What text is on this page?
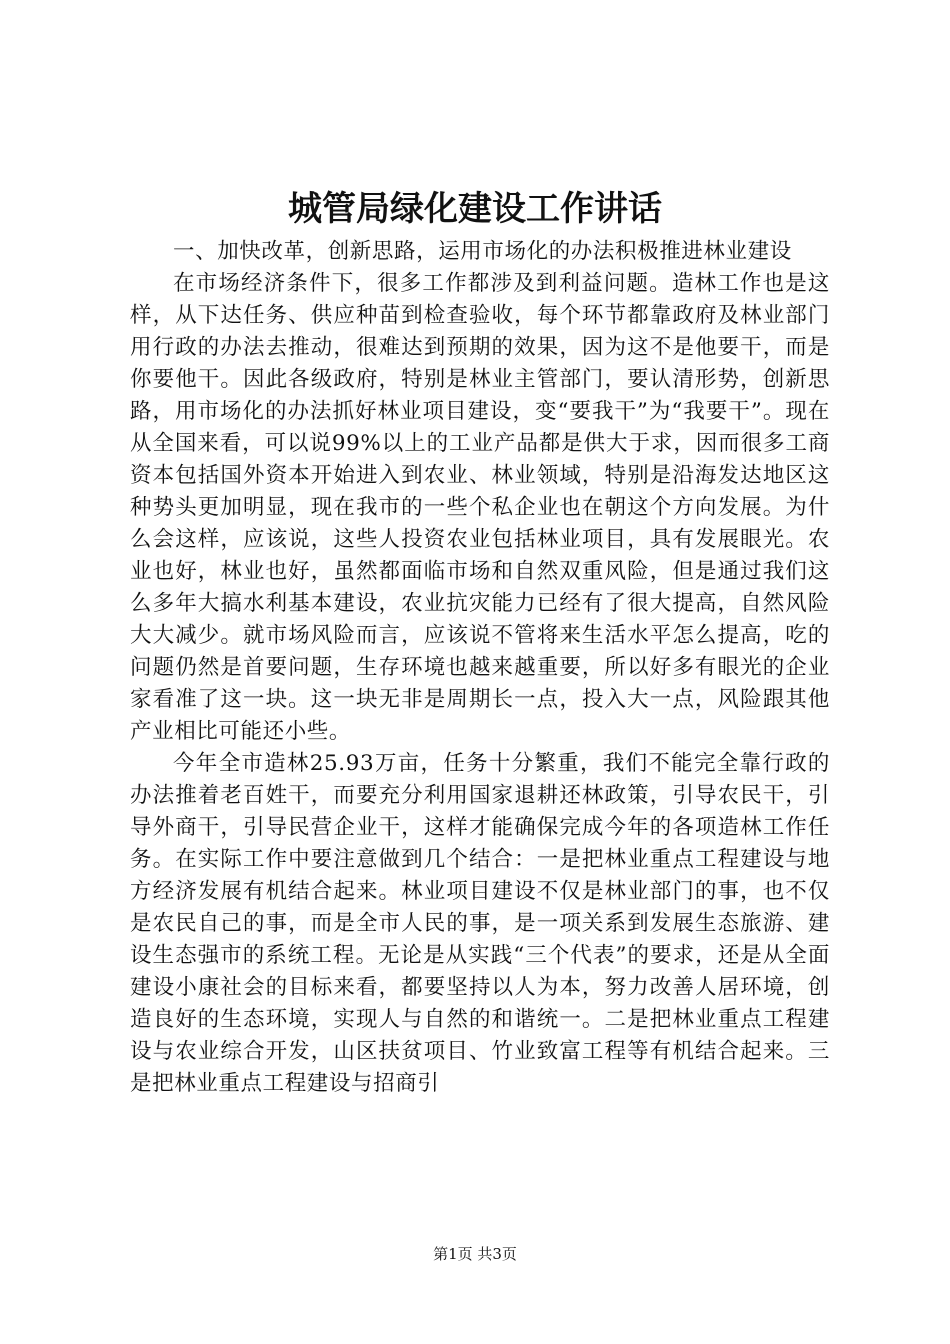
城管局绿化建设工作讲话

一、加快改革，创新思路，运用市场化的办法积极推进林业建设

在市场经济条件下，很多工作都涉及到利益问题。造林工作也是这样，从下达任务、供应种苗到检查验收，每个环节都靠政府及林业部门用行政的办法去推动，很难达到预期的效果，因为这不是他要干，而是你要他干。因此各级政府，特别是林业主管部门，要认清形势，创新思路，用市场化的办法抓好林业项目建设，变“要我干”为“我要干”。现在从全国来看，可以说99%以上的工业产品都是供大于求，因而很多工商资本包括国外资本开始进入到农业、林业领域，特别是沿海发达地区这种势头更加明显，现在我市的一些个私企业也在朝这个方向发展。为什么会这样，应该说，这些人投资农业包括林业项目，具有发展眼光。农业也好，林业也好，虽然都面临市场和自然双重风险，但是通过我们这么多年大搞水利基本建设，农业抗灾能力已经有了很大提高，自然风险大大减少。就市场风险而言，应该说不管将来生活水平怎么提高，吃的问题仍然是首要问题，生存环境也越来越重要，所以好多有眼光的企业家看准了这一块。这一块无非是周期长一点，投入大一点，风险跟其他产业相比可能还小些。

今年全市造林25.93万亩，任务十分繁重，我们不能完全靠行政的办法推着老百姓干，而要充分利用国家退耕还林政策，引导农民干，引导外商干，引导民营企业干，这样才能确保完成今年的各项造林工作任务。在实际工作中要注意做到几个结合：一是把林业重点工程建设与地方经济发展有机结合起来。林业项目建设不仅是林业部门的事，也不仅是农民自己的事，而是全市人民的事，是一项关系到发展生态旅游、建设生态强市的系统工程。无论是从实践“三个代表”的要求，还是从全面建设小康社会的目标来看，都要坚持以人为本，努力改善人居环境，创造良好的生态环境，实现人与自然的和谐统一。二是把林业重点工程建设与农业综合开发，山区扶贫项目、竹业致富工程等有机结合起来。三是把林业重点工程建设与招商引

第1页 共3页
